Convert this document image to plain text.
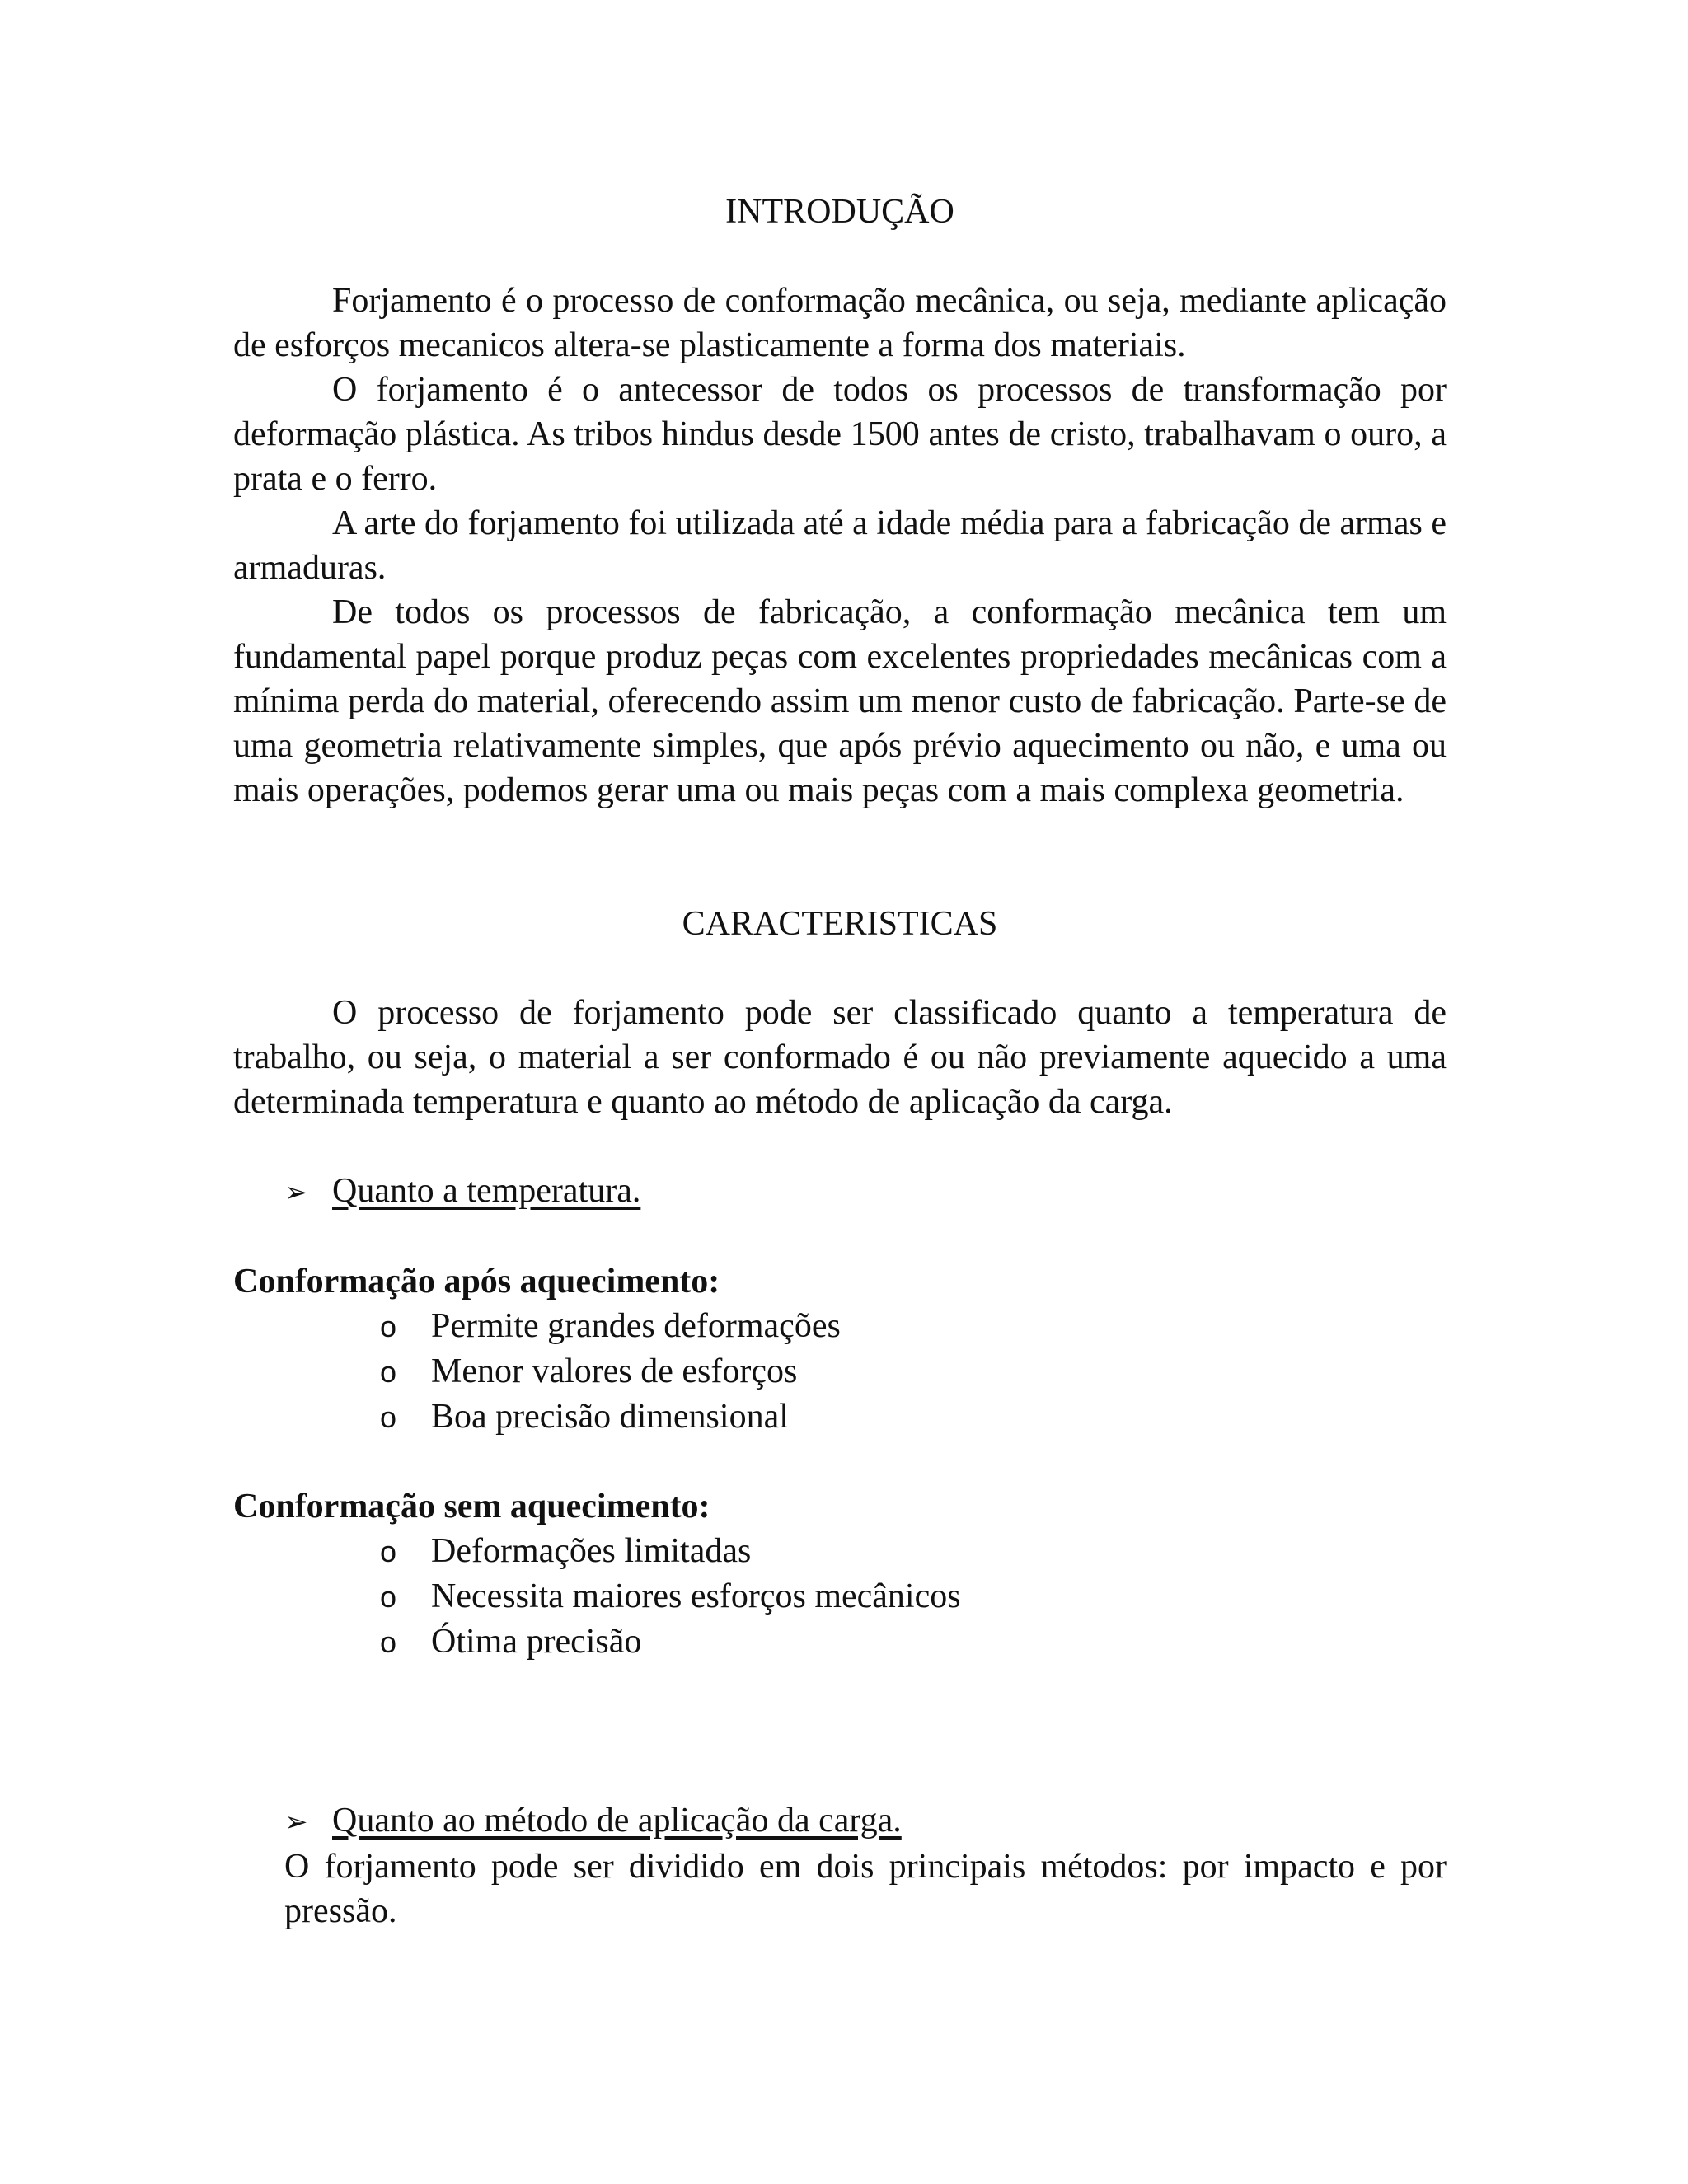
INTRODUÇÃO

Forjamento é o processo de conformação mecânica, ou seja, mediante aplicação de esforços mecanicos altera-se plasticamente a forma dos materiais.

O forjamento é o antecessor de todos os processos de transformação por deformação plástica. As tribos hindus desde 1500 antes de cristo, trabalhavam o ouro, a prata e o ferro.

A arte do forjamento foi utilizada até a idade média para a fabricação de armas e armaduras.

De todos os processos de fabricação, a conformação mecânica tem um fundamental papel porque produz peças com excelentes propriedades mecânicas com a mínima perda do material, oferecendo assim um menor custo de fabricação. Parte-se de uma geometria relativamente simples, que após prévio aquecimento ou não, e uma ou mais operações, podemos gerar uma ou mais peças com a mais complexa geometria.

CARACTERISTICAS

O processo de forjamento pode ser classificado quanto a temperatura de trabalho, ou seja, o material a ser conformado é ou não previamente aquecido a uma determinada temperatura e quanto ao método de aplicação da carga.

➢ Quanto a temperatura.

Conformação após aquecimento:

o Permite grandes deformações
o Menor valores de esforços
o Boa precisão dimensional

Conformação sem aquecimento:

o Deformações limitadas
o Necessita maiores esforços mecânicos
o Ótima precisão
➢ Quanto ao método de aplicação da carga.

O forjamento pode ser dividido em dois principais métodos: por impacto e por pressão.
